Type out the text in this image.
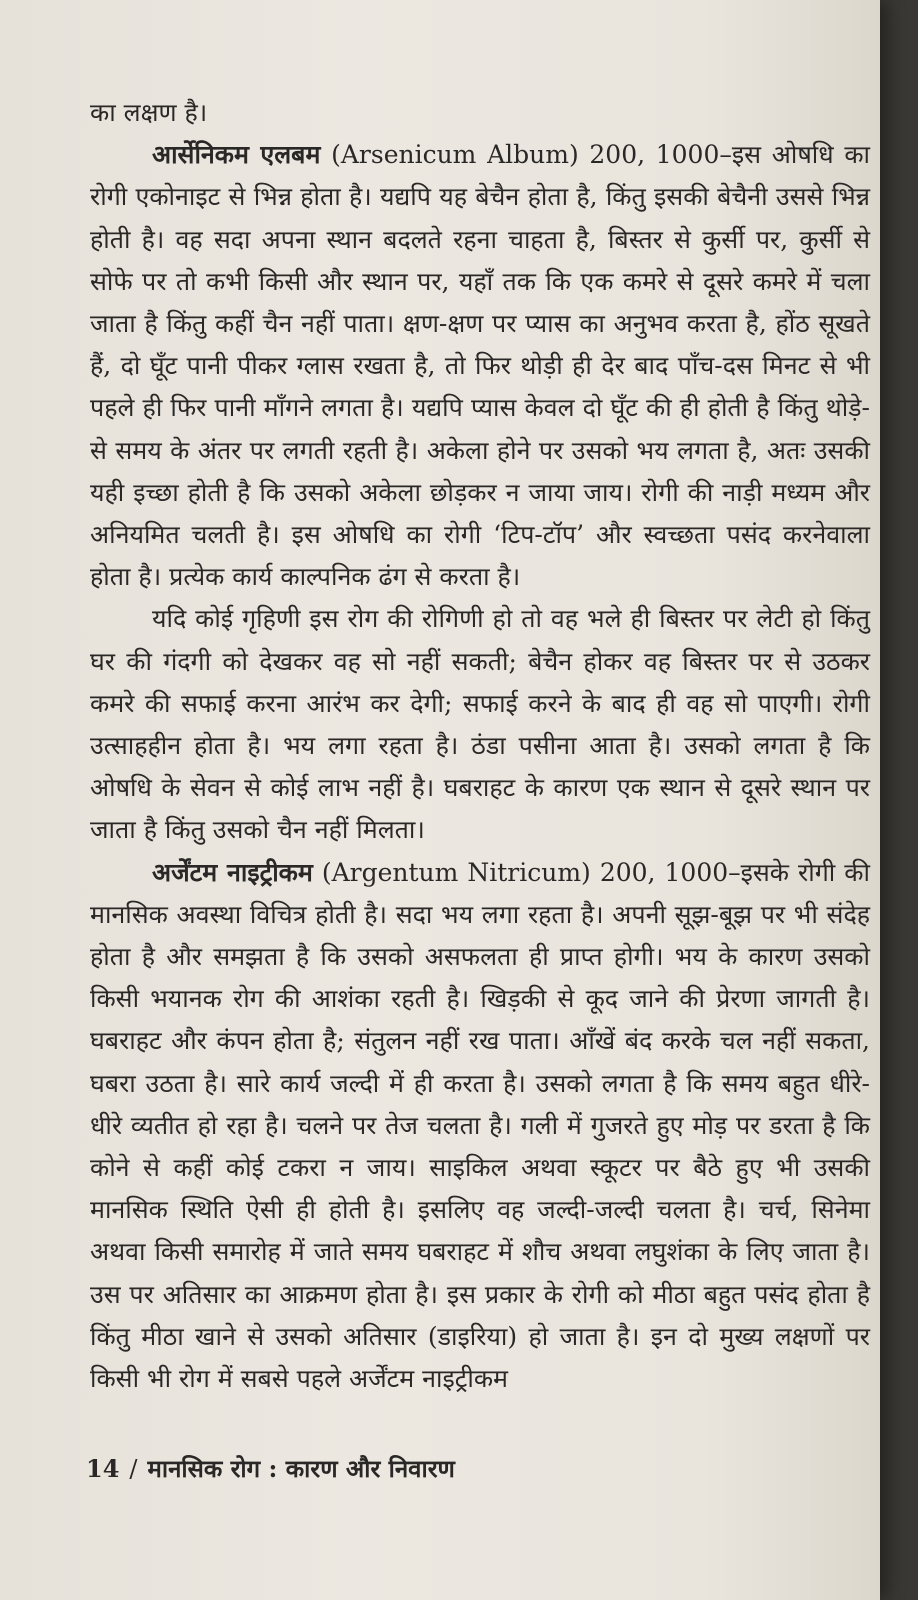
का लक्षण है।

आर्सेनिकम एलबम (Arsenicum Album) 200, 1000–इस ओषधि का रोगी एकोनाइट से भिन्न होता है। यद्यपि यह बेचैन होता है, किंतु इसकी बेचैनी उससे भिन्न होती है। वह सदा अपना स्थान बदलते रहना चाहता है, बिस्तर से कुर्सी पर, कुर्सी से सोफे पर तो कभी किसी और स्थान पर, यहाँ तक कि एक कमरे से दूसरे कमरे में चला जाता है किंतु कहीं चैन नहीं पाता। क्षण-क्षण पर प्यास का अनुभव करता है, होंठ सूखते हैं, दो घूँट पानी पीकर ग्लास रखता है, तो फिर थोड़ी ही देर बाद पाँच-दस मिनट से भी पहले ही फिर पानी माँगने लगता है। यद्यपि प्यास केवल दो घूँट की ही होती है किंतु थोड़े-से समय के अंतर पर लगती रहती है। अकेला होने पर उसको भय लगता है, अतः उसकी यही इच्छा होती है कि उसको अकेला छोड़कर न जाया जाय। रोगी की नाड़ी मध्यम और अनियमित चलती है। इस ओषधि का रोगी ‘टिप-टॉप’ और स्वच्छता पसंद करनेवाला होता है। प्रत्येक कार्य काल्पनिक ढंग से करता है।

यदि कोई गृहिणी इस रोग की रोगिणी हो तो वह भले ही बिस्तर पर लेटी हो किंतु घर की गंदगी को देखकर वह सो नहीं सकती; बेचैन होकर वह बिस्तर पर से उठकर कमरे की सफाई करना आरंभ कर देगी; सफाई करने के बाद ही वह सो पाएगी। रोगी उत्साहहीन होता है। भय लगा रहता है। ठंडा पसीना आता है। उसको लगता है कि ओषधि के सेवन से कोई लाभ नहीं है। घबराहट के कारण एक स्थान से दूसरे स्थान पर जाता है किंतु उसको चैन नहीं मिलता।

अर्जेंटम नाइट्रीकम (Argentum Nitricum) 200, 1000–इसके रोगी की मानसिक अवस्था विचित्र होती है। सदा भय लगा रहता है। अपनी सूझ-बूझ पर भी संदेह होता है और समझता है कि उसको असफलता ही प्राप्त होगी। भय के कारण उसको किसी भयानक रोग की आशंका रहती है। खिड़की से कूद जाने की प्रेरणा जागती है। घबराहट और कंपन होता है; संतुलन नहीं रख पाता। आँखें बंद करके चल नहीं सकता, घबरा उठता है। सारे कार्य जल्दी में ही करता है। उसको लगता है कि समय बहुत धीरे-धीरे व्यतीत हो रहा है। चलने पर तेज चलता है। गली में गुजरते हुए मोड़ पर डरता है कि कोने से कहीं कोई टकरा न जाय। साइकिल अथवा स्कूटर पर बैठे हुए भी उसकी मानसिक स्थिति ऐसी ही होती है। इसलिए वह जल्दी-जल्दी चलता है। चर्च, सिनेमा अथवा किसी समारोह में जाते समय घबराहट में शौच अथवा लघुशंका के लिए जाता है। उस पर अतिसार का आक्रमण होता है। इस प्रकार के रोगी को मीठा बहुत पसंद होता है किंतु मीठा खाने से उसको अतिसार (डाइरिया) हो जाता है। इन दो मुख्य लक्षणों पर किसी भी रोग में सबसे पहले अर्जेंटम नाइट्रीकम

14 / मानसिक रोग : कारण और निवारण
